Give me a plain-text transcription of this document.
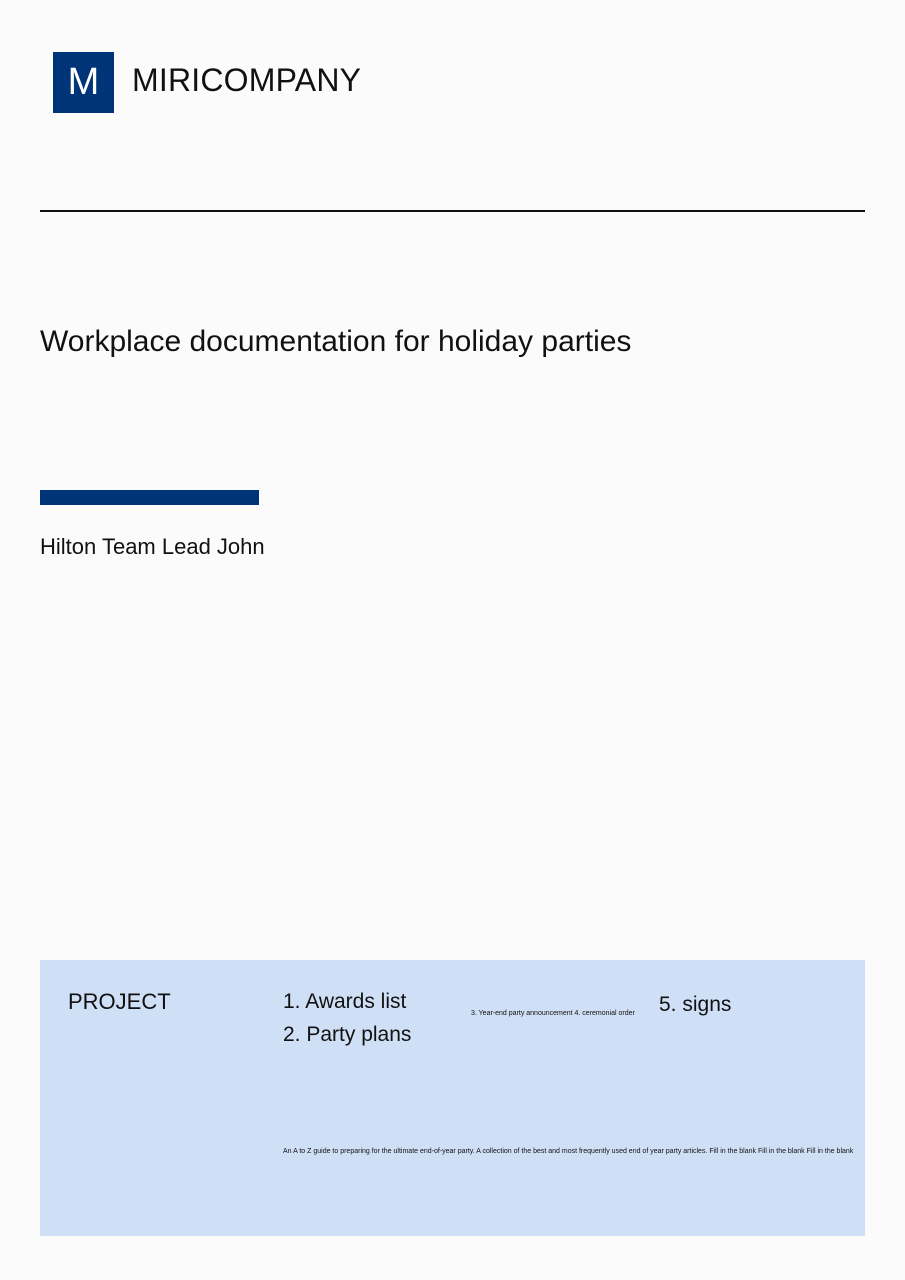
M	MIRICOMPANY
Workplace documentation for holiday parties
Hilton Team Lead John
PROJECT	1. Awards list
2. Party plans
3. Year-end party announcement 4. ceremonial order 5. signs
An A to Z guide to preparing for the ultimate end-of-year party. A collection of the best and most frequently used end of year party articles. Fill in the blank Fill in the blank Fill in the blank
